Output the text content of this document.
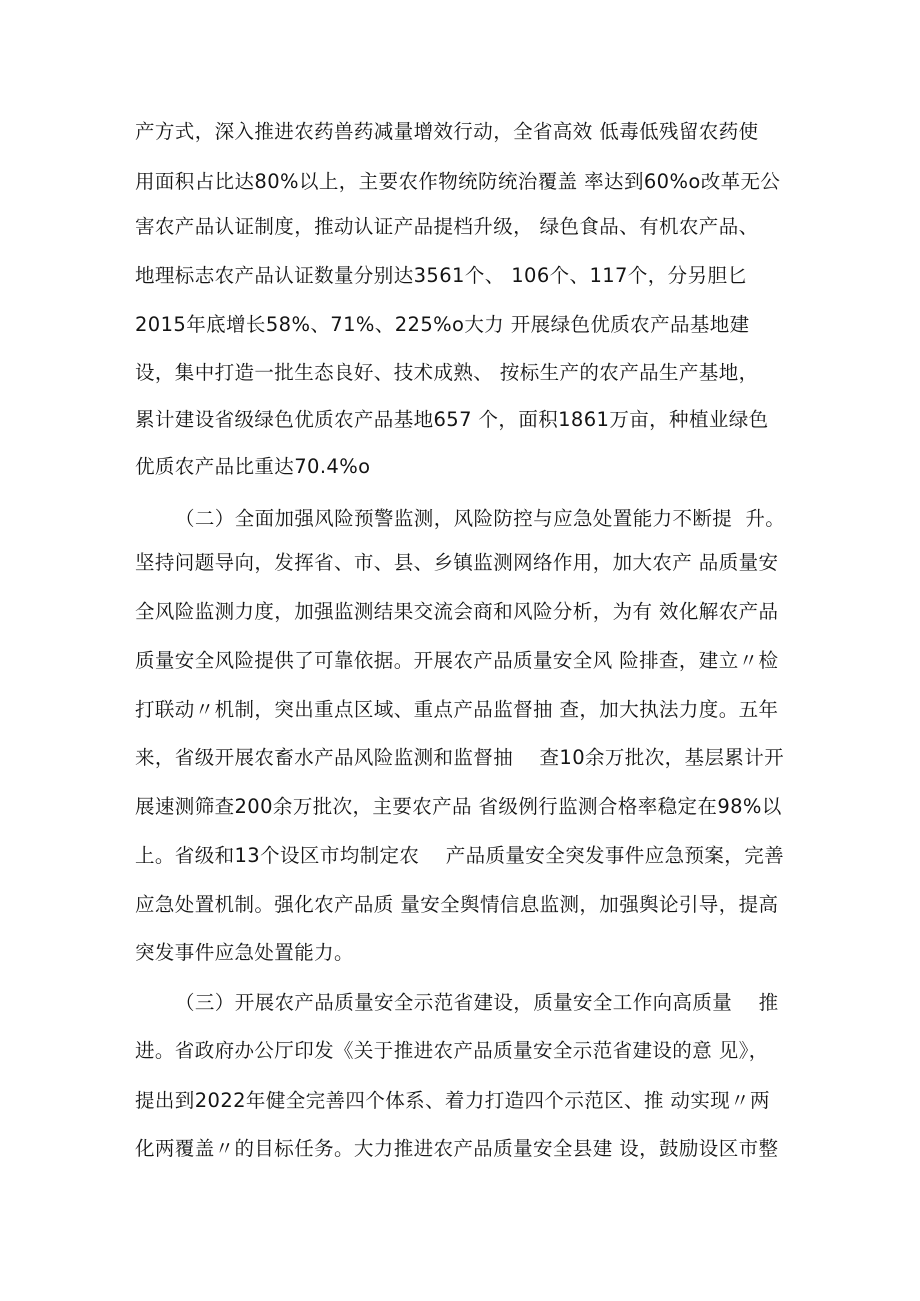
产方式，深入推进农药兽药减量增效行动，全省高效 低毒低残留农药使
用面积占比达80%以上，主要农作物统防统治覆盖 率达到60%o改革无公
害农产品认证制度，推动认证产品提档升级， 绿色食品、有机农产品、
地理标志农产品认证数量分别达3561个、 106个、117个，分另胆匕
2015年底增长58%、71%、225%o大力 开展绿色优质农产品基地建
设，集中打造一批生态良好、技术成熟、 按标生产的农产品生产基地，
累计建设省级绿色优质农产品基地657 个，面积1861万亩，种植业绿色
优质农产品比重达70.4%o
（二）全面加强风险预警监测，风险防控与应急处置能力不断提  升。
坚持问题导向，发挥省、市、县、乡镇监测网络作用，加大农产 品质量安
全风险监测力度，加强监测结果交流会商和风险分析，为有 效化解农产品
质量安全风险提供了可靠依据。开展农产品质量安全风 险排查，建立〃检
打联动〃机制，突出重点区域、重点产品监督抽 查，加大执法力度。五年
来，省级开展农畜水产品风险监测和监督抽    查10余万批次，基层累计开
展速测筛查200余万批次，主要农产品 省级例行监测合格率稳定在98%以
上。省级和13个设区市均制定农    产品质量安全突发事件应急预案，完善
应急处置机制。强化农产品质 量安全舆情信息监测，加强舆论引导，提高
突发事件应急处置能力。
（三）开展农产品质量安全示范省建设，质量安全工作向高质量    推
进。省政府办公厅印发《关于推进农产品质量安全示范省建设的意 见》，
提出到2022年健全完善四个体系、着力打造四个示范区、推 动实现〃两
化两覆盖〃的目标任务。大力推进农产品质量安全县建 设，鼓励设区市整
